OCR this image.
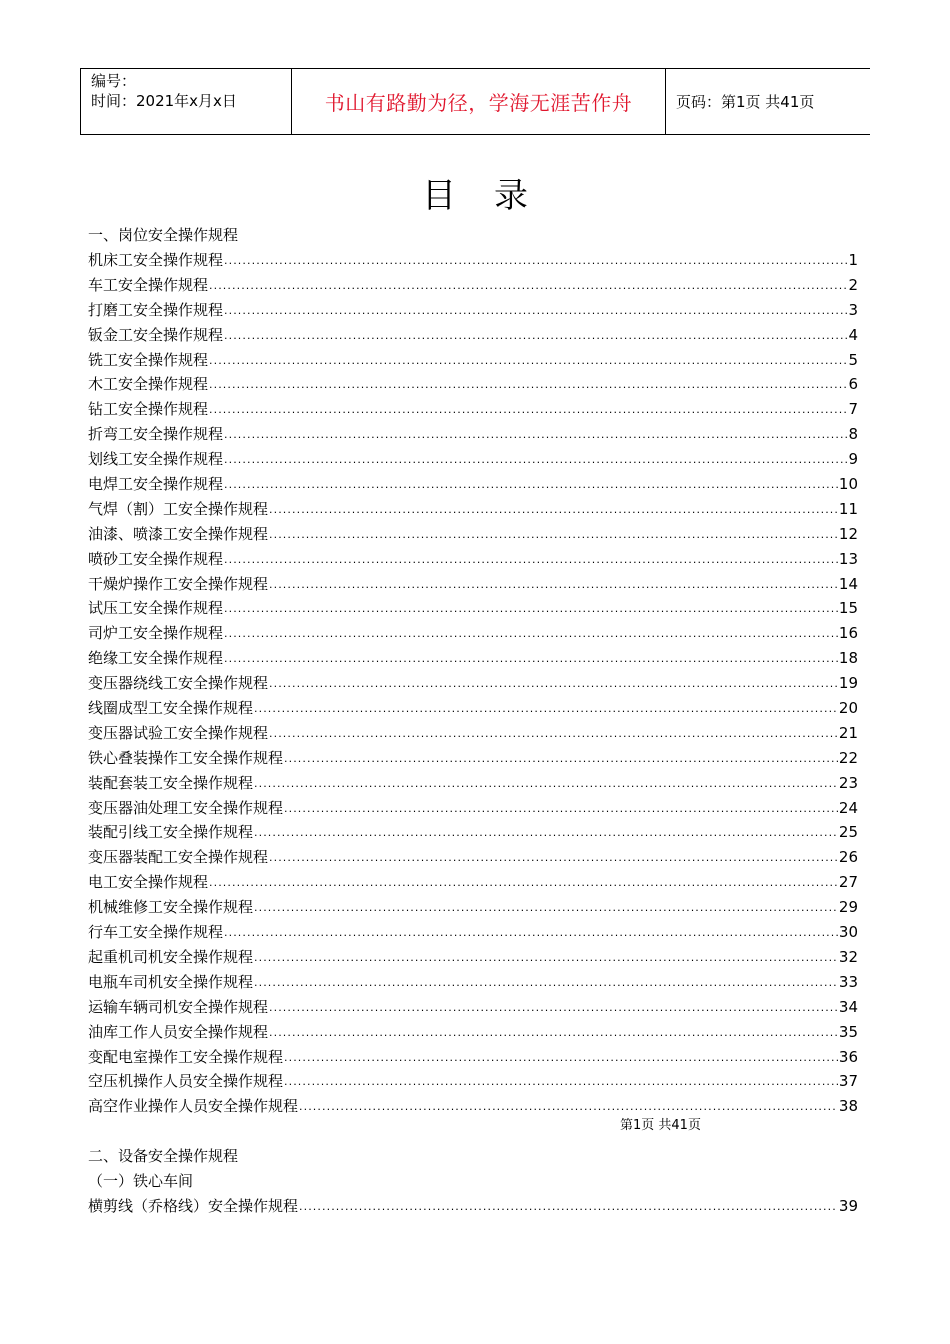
编号：
时间：2021年x月x日	书山有路勤为径，学海无涯苦作舟	页码：第1页 共41页
目录
一、岗位安全操作规程
机床工安全操作规程 .....	1
车工安全操作规程 .....	2
打磨工安全操作规程 .....	3
钣金工安全操作规程 .....	4
铣工安全操作规程 .....	5
木工安全操作规程 .....	6
钻工安全操作规程 .....	7
折弯工安全操作规程 .....	8
划线工安全操作规程 .....	9
电焊工安全操作规程 .....	10
气焊（割）工安全操作规程 .....	11
油漆、喷漆工安全操作规程 .....	12
喷砂工安全操作规程 .....	13
干燥炉操作工安全操作规程 .....	14
试压工安全操作规程 .....	15
司炉工安全操作规程 .....	16
绝缘工安全操作规程 .....	18
变压器绕线工安全操作规程 .....	19
线圈成型工安全操作规程 .....	20
变压器试验工安全操作规程 .....	21
铁心叠装操作工安全操作规程 .....	22
装配套装工安全操作规程 .....	23
变压器油处理工安全操作规程 .....	24
装配引线工安全操作规程 .....	25
变压器装配工安全操作规程 .....	26
电工安全操作规程 .....	27
机械维修工安全操作规程 .....	29
行车工安全操作规程 .....	30
起重机司机安全操作规程 .....	32
电瓶车司机安全操作规程 .....	33
运输车辆司机安全操作规程 .....	34
油库工作人员安全操作规程 .....	35
变配电室操作工安全操作规程 .....	36
空压机操作人员安全操作规程 .....	37
高空作业操作人员安全操作规程 .....	38
第1页 共41页
二、设备安全操作规程
（一）铁心车间
横剪线（乔格线）安全操作规程 .....	39
